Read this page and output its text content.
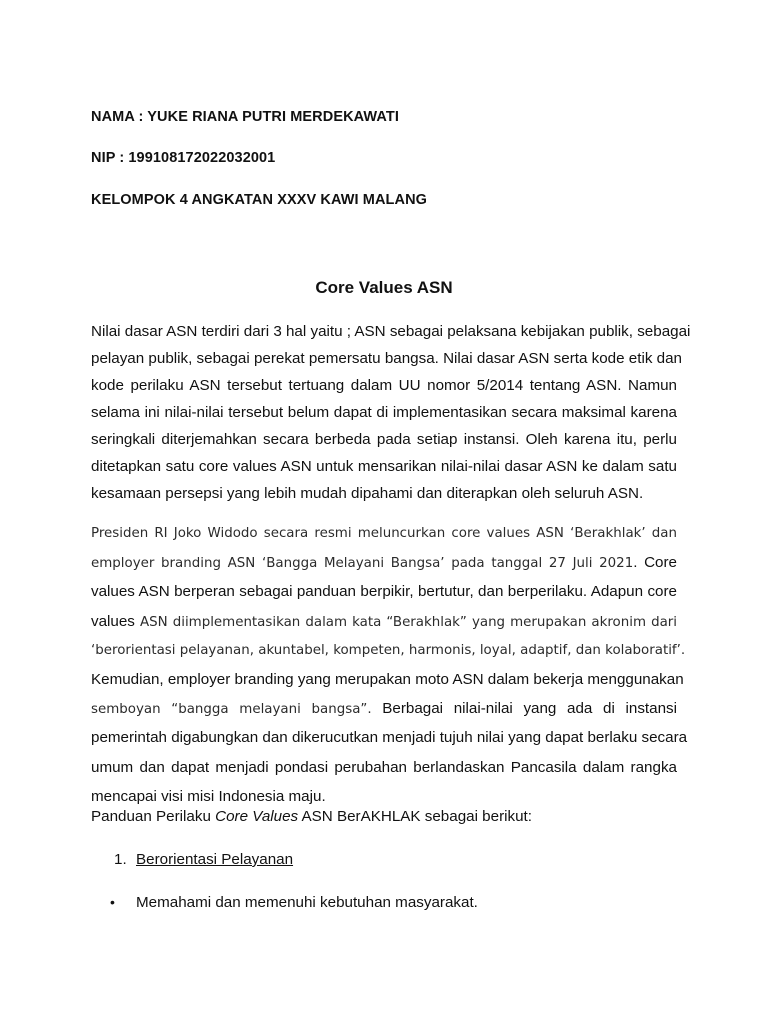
NAMA : YUKE RIANA PUTRI MERDEKAWATI
NIP : 199108172022032001
KELOMPOK 4 ANGKATAN XXXV KAWI MALANG
Core Values ASN
Nilai dasar ASN terdiri dari 3 hal yaitu ; ASN sebagai pelaksana kebijakan publik, sebagai
pelayan publik, sebagai perekat pemersatu bangsa. Nilai dasar ASN serta kode etik dan
kode perilaku ASN tersebut tertuang dalam UU nomor 5/2014 tentang ASN. Namun
selama ini nilai-nilai tersebut belum dapat di implementasikan secara maksimal karena
seringkali diterjemahkan secara berbeda pada setiap instansi. Oleh karena itu, perlu
ditetapkan satu core values ASN untuk mensarikan nilai-nilai dasar ASN ke dalam satu
kesamaan persepsi yang lebih mudah dipahami dan diterapkan oleh seluruh ASN.
Presiden RI Joko Widodo secara resmi meluncurkan core values ASN ‘Berakhlak’ dan
employer branding ASN ‘Bangga Melayani Bangsa’ pada tanggal 27 Juli 2021. Core
values ASN berperan sebagai panduan berpikir, bertutur, dan berperilaku. Adapun core
values ASN diimplementasikan dalam kata “Berakhlak” yang merupakan akronim dari
‘berorientasi pelayanan, akuntabel, kompeten, harmonis, loyal, adaptif, dan kolaboratif’.
Kemudian, employer branding yang merupakan moto ASN dalam bekerja menggunakan
semboyan “bangga melayani bangsa”. Berbagai nilai-nilai yang ada di instansi
pemerintah digabungkan dan dikerucutkan menjadi tujuh nilai yang dapat berlaku secara
umum dan dapat menjadi pondasi perubahan berlandaskan Pancasila dalam rangka
mencapai visi misi Indonesia maju.
Panduan Perilaku Core Values ASN BerAKHLAK sebagai berikut:
1. Berorientasi Pelayanan
• Memahami dan memenuhi kebutuhan masyarakat.
